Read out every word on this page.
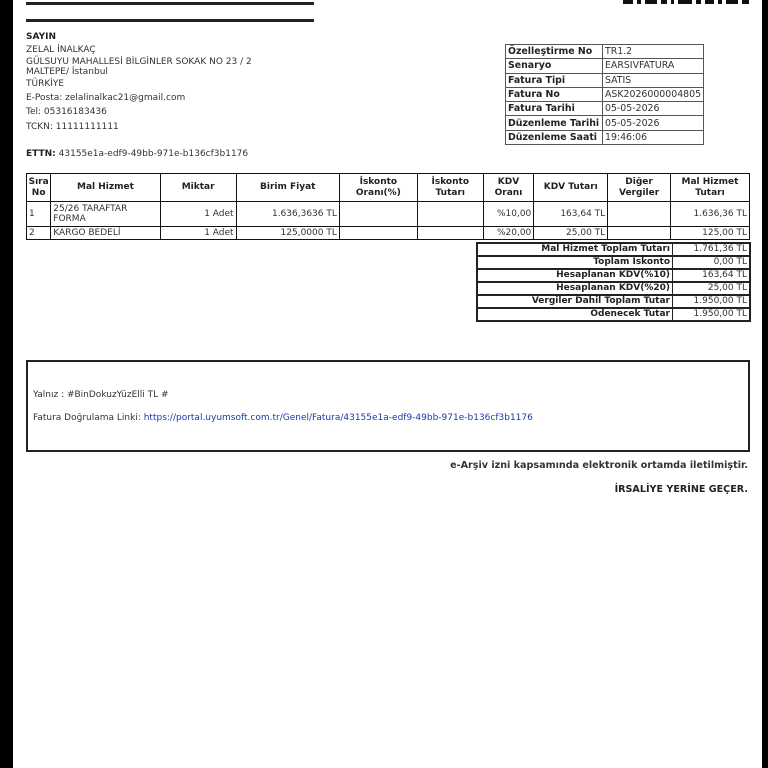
SAYIN
ZELAL İNALKAÇ
GÜLSUYU MAHALLESİ BİLGİNLER SOKAK NO 23 / 2
MALTEPE/ İstanbul
TÜRKİYE
E-Posta: zelalinalkac21@gmail.com
Tel: 05316183436
TCKN: 11111111111
Özelleştirme No	TR1.2
Senaryo	EARSIVFATURA
Fatura Tipi	SATIS
Fatura No	ASK2026000004805
Fatura Tarihi	05-05-2026
Düzenleme Tarihi	05-05-2026
Düzenleme Saati	19:46:06
ETTN: 43155e1a-edf9-49bb-971e-b136cf3b1176
Sıra No	Mal Hizmet	Miktar	Birim Fiyat	İskonto Oranı(%)	İskonto Tutarı	KDV Oranı	KDV Tutarı	Diğer Vergiler	Mal Hizmet Tutarı
1	25/26 TARAFTAR FORMA	1 Adet	1.636,3636 TL			%10,00	163,64 TL		1.636,36 TL
2	KARGO BEDELİ	1 Adet	125,0000 TL			%20,00	25,00 TL		125,00 TL
Mal Hizmet Toplam Tutarı	1.761,36 TL
Toplam İskonto	0,00 TL
Hesaplanan KDV(%10)	163,64 TL
Hesaplanan KDV(%20)	25,00 TL
Vergiler Dahil Toplam Tutar	1.950,00 TL
Ödenecek Tutar	1.950,00 TL
Yalnız : #BinDokuzYüzElli TL #
Fatura Doğrulama Linki: https://portal.uyumsoft.com.tr/Genel/Fatura/43155e1a-edf9-49bb-971e-b136cf3b1176
e-Arşiv izni kapsamında elektronik ortamda iletilmiştir.
İRSALİYE YERİNE GEÇER.
